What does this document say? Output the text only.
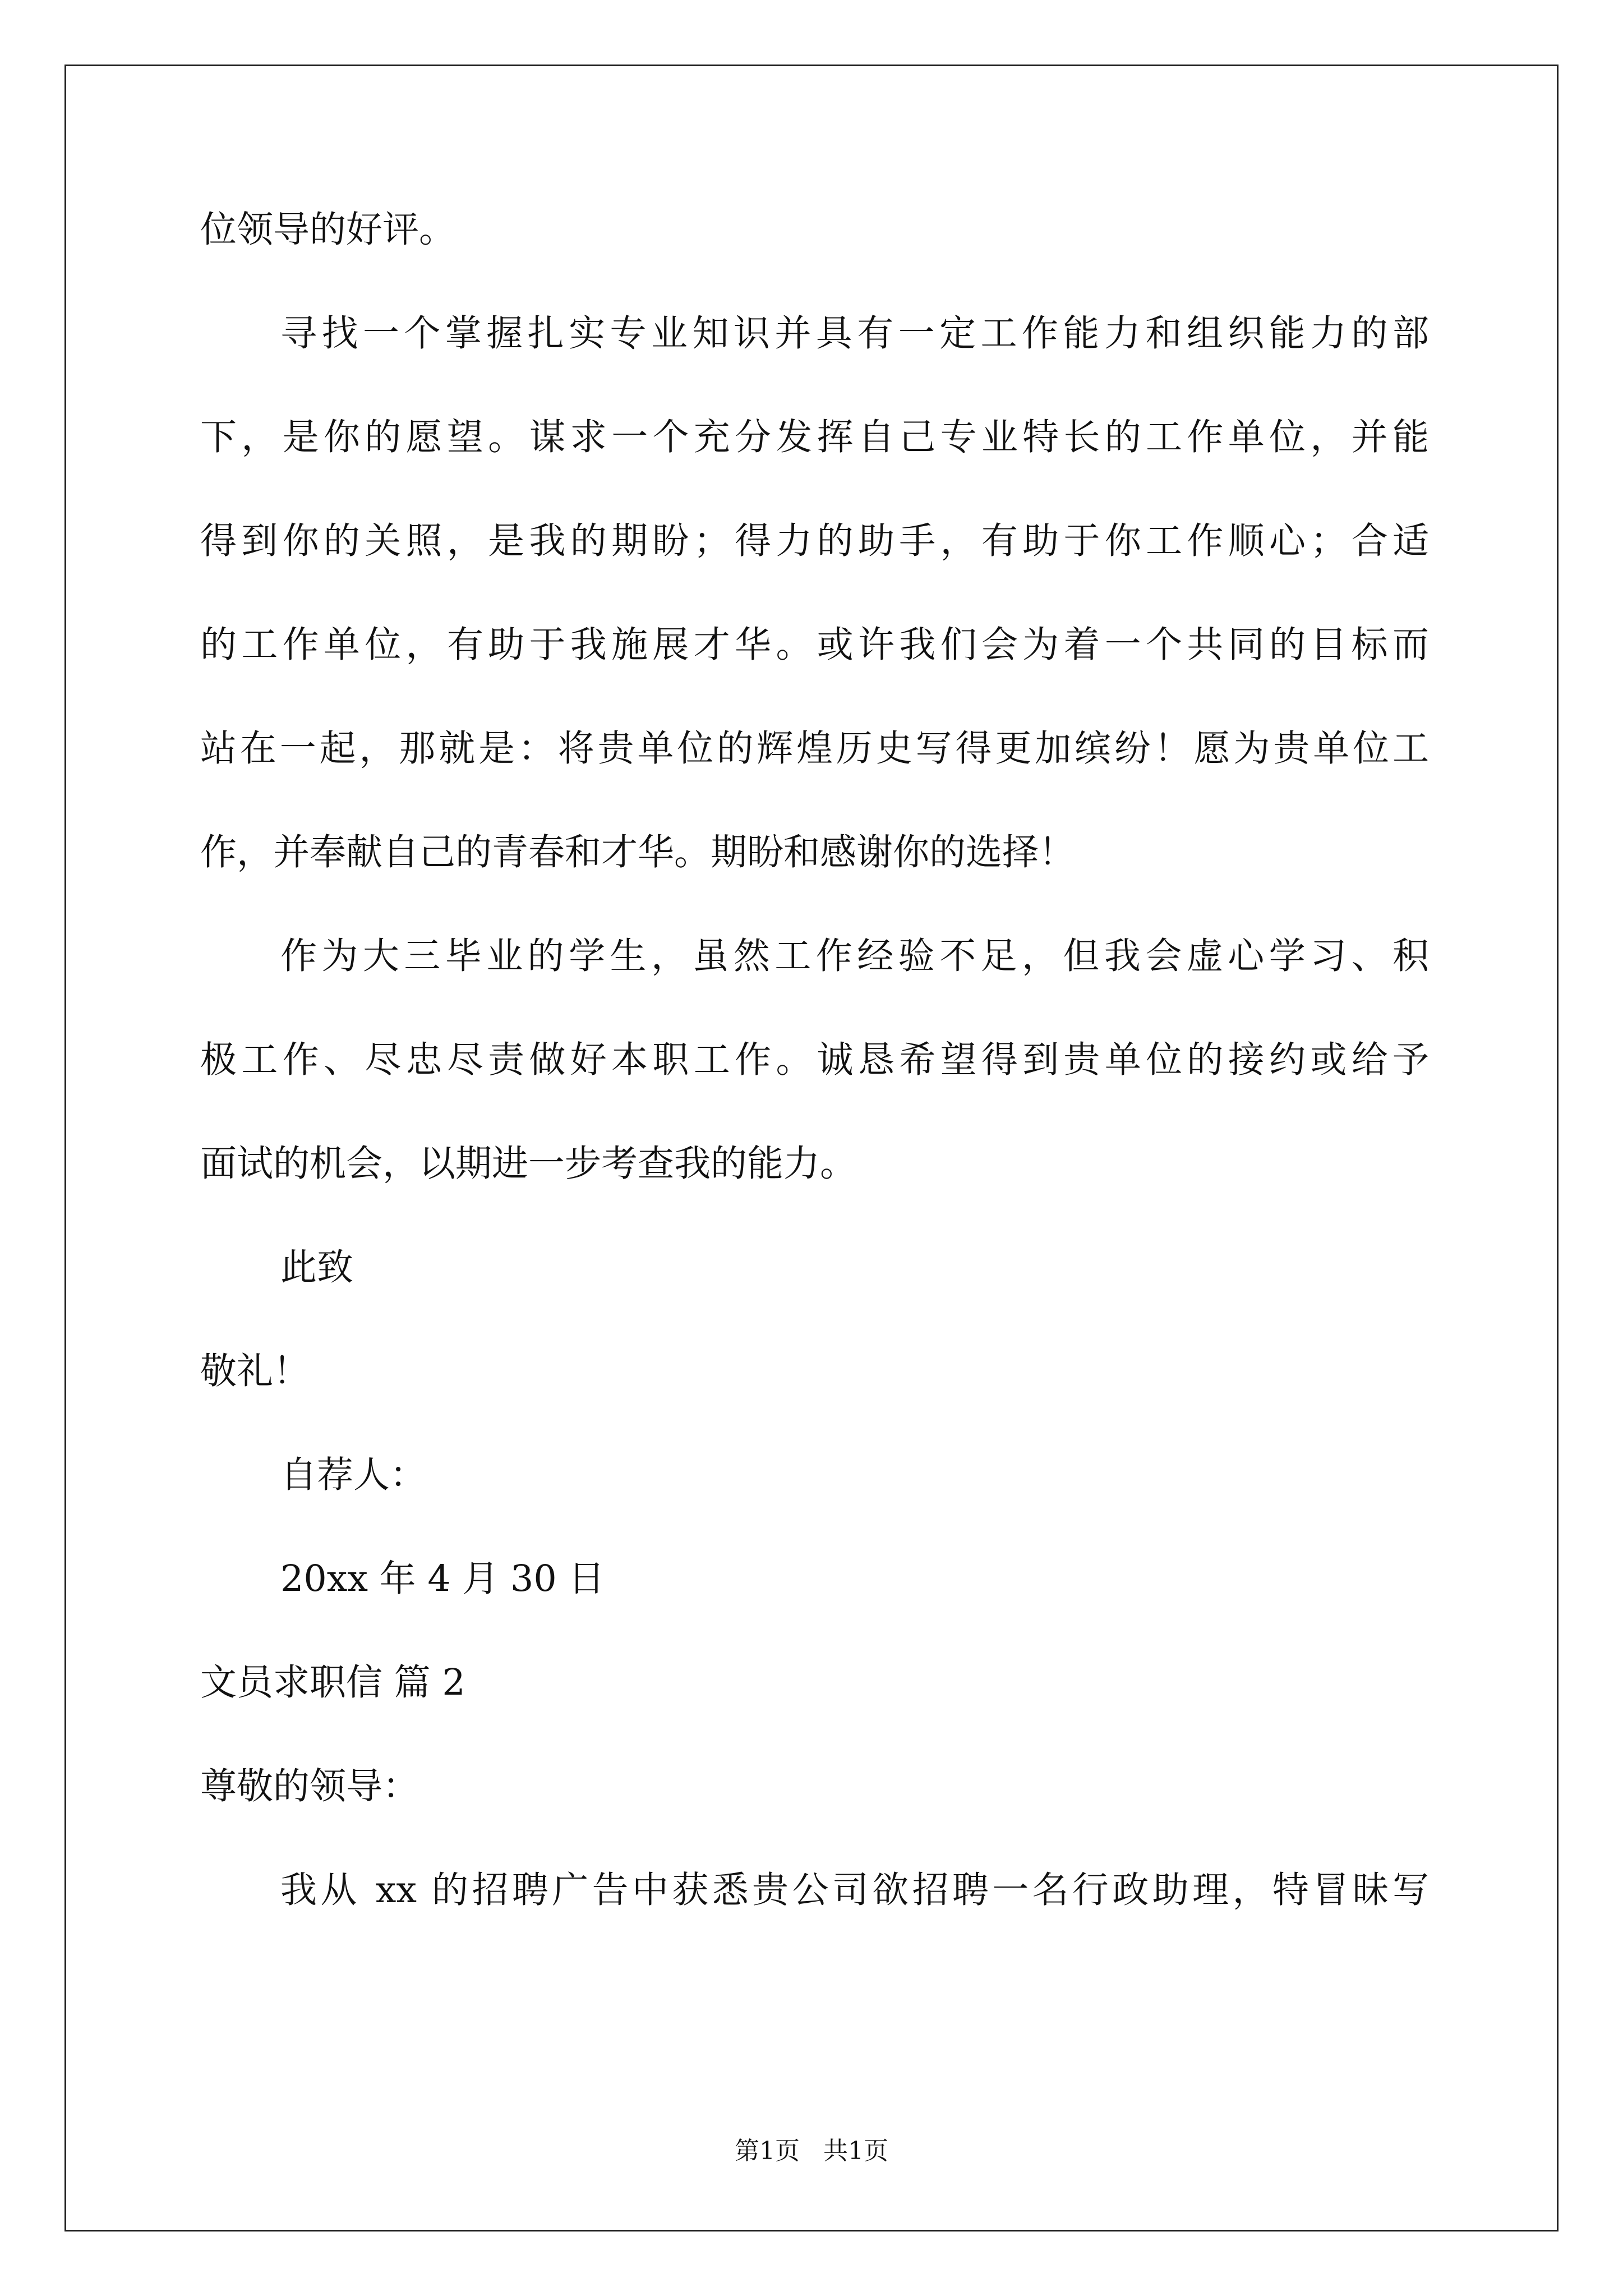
位领导的好评。
寻找一个掌握扎实专业知识并具有一定工作能力和组织能力的部
下，是你的愿望。谋求一个充分发挥自己专业特长的工作单位，并能
得到你的关照，是我的期盼；得力的助手，有助于你工作顺心；合适
的工作单位，有助于我施展才华。或许我们会为着一个共同的目标而
站在一起，那就是：将贵单位的辉煌历史写得更加缤纷！愿为贵单位工
作，并奉献自己的青春和才华。期盼和感谢你的选择！
作为大三毕业的学生，虽然工作经验不足，但我会虚心学习、积
极工作、尽忠尽责做好本职工作。诚恳希望得到贵单位的接约或给予
面试的机会，以期进一步考查我的能力。
此致
敬礼！
自荐人：
20xx 年 4 月 30 日
文员求职信 篇 2
尊敬的领导：
我从 xx 的招聘广告中获悉贵公司欲招聘一名行政助理，特冒昧写
第1页   共1页
